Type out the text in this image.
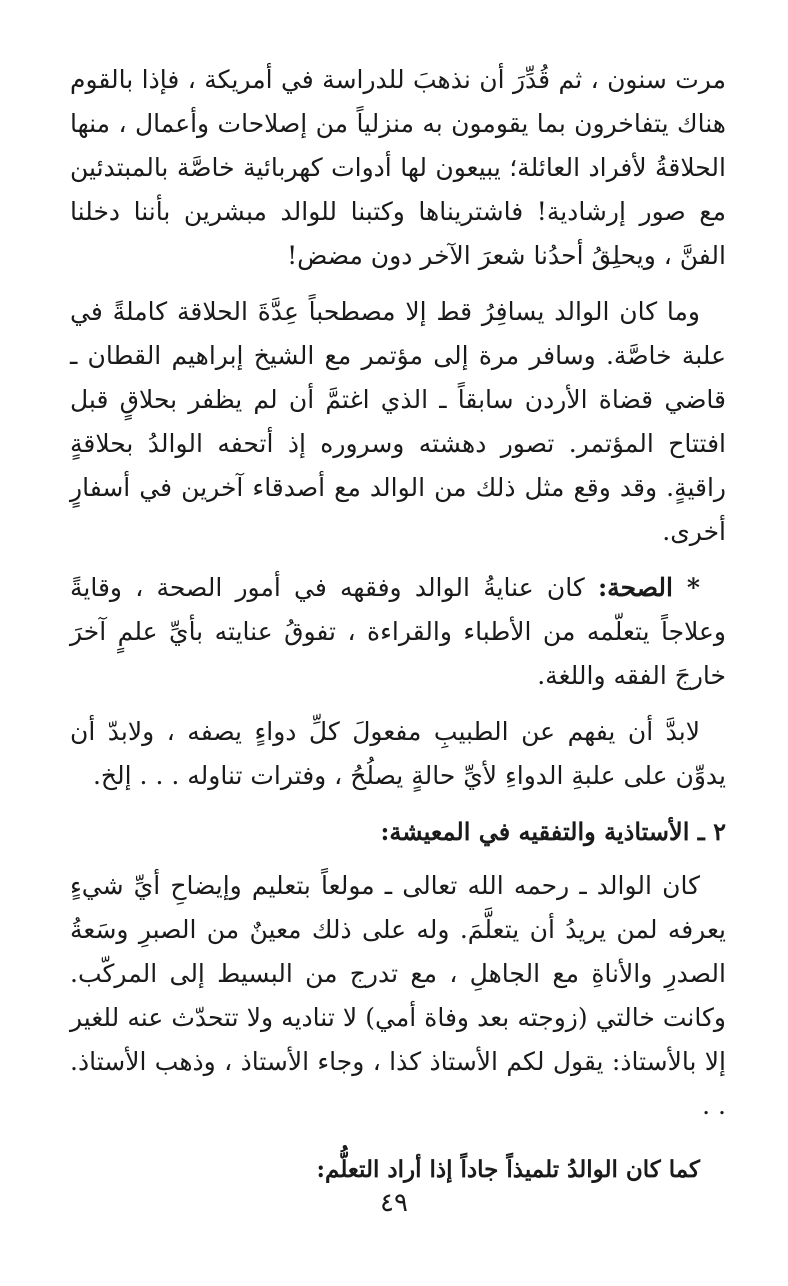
مرت سنون ، ثم قُدِّرَ أن نذهبَ للدراسة في أمريكة ، فإذا بالقوم هناك يتفاخرون بما يقومون به منزلياً من إصلاحات وأعمال ، منها الحلاقةُ لأفراد العائلة؛ يبيعون لها أدوات كهربائية خاصَّة بالمبتدئين مع صور إرشادية! فاشتريناها وكتبنا للوالد مبشرين بأننا دخلنا الفنَّ ، ويحلِقُ أحدُنا شعرَ الآخر دون مضض!

وما كان الوالد يسافِرُ قط إلا مصطحباً عِدَّةَ الحلاقة كاملةً في علبة خاصَّة. وسافر مرة إلى مؤتمر مع الشيخ إبراهيم القطان ـ قاضي قضاة الأردن سابقاً ـ الذي اغتمَّ أن لم يظفر بحلاقٍ قبل افتتاح المؤتمر. تصور دهشته وسروره إذ أتحفه الوالدُ بحلاقةٍ راقيةٍ. وقد وقع مثل ذلك من الوالد مع أصدقاء آخرين في أسفارٍ أخرى.

* الصحة: كان عنايةُ الوالد وفقهه في أمور الصحة ، وقايةً وعلاجاً يتعلّمه من الأطباء والقراءة ، تفوقُ عنايته بأيِّ علمٍ آخرَ خارجَ الفقه واللغة.

لابدَّ أن يفهم عن الطبيبِ مفعولَ كلِّ دواءٍ يصفه ، ولابدّ أن يدوِّن على علبةِ الدواءِ لأيِّ حالةٍ يصلُحُ ، وفترات تناوله . . . إلخ.

٢ ـ الأستاذية والتفقيه في المعيشة:

كان الوالد ـ رحمه الله تعالى ـ مولعاً بتعليم وإيضاحِ أيِّ شيءٍ يعرفه لمن يريدُ أن يتعلَّمَ. وله على ذلك معينٌ من الصبرِ وسَعةُ الصدرِ والأناةِ مع الجاهلِ ، مع تدرج من البسيط إلى المركّب. وكانت خالتي (زوجته بعد وفاة أمي) لا تناديه ولا تتحدّث عنه للغير إلا بالأستاذ: يقول لكم الأستاذ كذا ، وجاء الأستاذ ، وذهب الأستاذ. . .

كما كان الوالدُ تلميذاً جاداً إذا أراد التعلُّم:
٤٩
